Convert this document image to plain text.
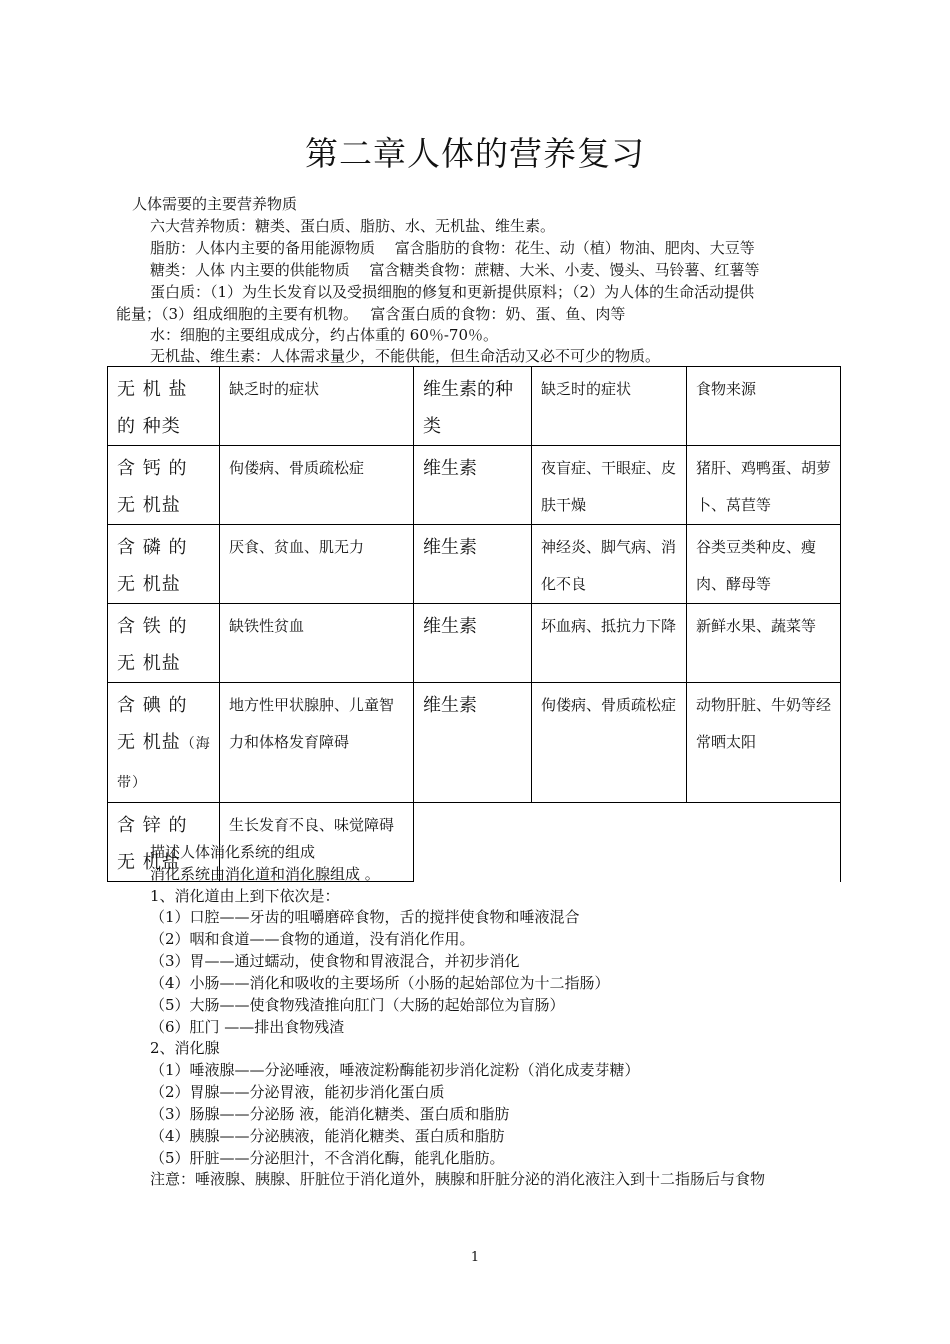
第二章人体的营养复习
人体需要的主要营养物质
六大营养物质：糖类、蛋白质、脂肪、水、无机盐、维生素。
脂肪：人体内主要的备用能源物质　 富含脂肪的食物：花生、动（植）物油、肥肉、大豆等
糖类：人体 内主要的供能物质　 富含糖类食物：蔗糖、大米、小麦、馒头、马铃薯、红薯等
蛋白质：（1）为生长发育以及受损细胞的修复和更新提供原料；（2）为人体的生命活动提供
能量；（3）组成细胞的主要有机物。　 富含蛋白质的食物：奶、蛋、鱼、肉等
水：细胞的主要组成成分，约占体重的 60％-70％。
无机盐、维生素：人体需求量少，不能供能，但生命活动又必不可少的物质。
无 机 盐 的 种类	缺乏时的症状	维生素的种类	缺乏时的症状	食物来源
含 钙 的 无 机盐	佝偻病、骨质疏松症	维生素	夜盲症、干眼症、皮肤干燥	猪肝、鸡鸭蛋、胡萝卜、莴苣等
含 磷 的 无 机盐	厌食、贫血、肌无力	维生素	神经炎、脚气病、消化不良	谷类豆类种皮、瘦肉、酵母等
含 铁 的 无 机盐	缺铁性贫血	维生素	坏血病、抵抗力下降	新鲜水果、蔬菜等
含 碘 的 无 机盐（海带）	地方性甲状腺肿、儿童智力和体格发育障碍	维生素	佝偻病、骨质疏松症	动物肝脏、牛奶等经常晒太阳
含 锌 的 无 机盐	生长发育不良、味觉障碍			
描述人体消化系统的组成
消化系统由消化道和消化腺组成 。
1、消化道由上到下依次是：
（1）口腔——牙齿的咀嚼磨碎食物，舌的搅拌使食物和唾液混合
（2）咽和食道——食物的通道，没有消化作用。
（3）胃——通过蠕动，使食物和胃液混合，并初步消化
（4）小肠——消化和吸收的主要场所（小肠的起始部位为十二指肠）
（5）大肠——使食物残渣推向肛门（大肠的起始部位为盲肠）
（6）肛门 ——排出食物残渣
2、消化腺
（1）唾液腺——分泌唾液，唾液淀粉酶能初步消化淀粉（消化成麦芽糖）
（2）胃腺——分泌胃液，能初步消化蛋白质
（3）肠腺——分泌肠 液，能消化糖类、蛋白质和脂肪
（4）胰腺——分泌胰液，能消化糖类、蛋白质和脂肪
（5）肝脏——分泌胆汁，不含消化酶，能乳化脂肪。
注意：唾液腺、胰腺、肝脏位于消化道外，胰腺和肝脏分泌的消化液注入到十二指肠后与食物
1
